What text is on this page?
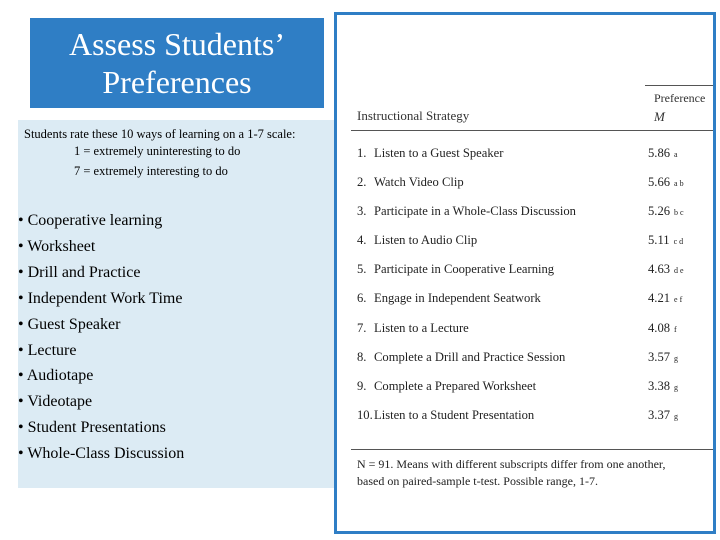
Assess Students’
Preferences
Students rate these 10 ways of learning on a 1-7 scale:
1 = extremely uninteresting to do
7 = extremely interesting to do
• Cooperative learning
• Worksheet
• Drill and Practice
• Independent Work Time
• Guest Speaker
• Lecture
• Audiotape
• Videotape
• Student Presentations
• Whole-Class Discussion
Preference
M
Instructional Strategy
1. Listen to a Guest Speaker	5.86 a
2. Watch Video Clip	5.66 a b
3. Participate in a Whole-Class Discussion	5.26 b c
4. Listen to Audio Clip	5.11 c d
5. Participate in Cooperative Learning	4.63 d e
6. Engage in Independent Seatwork	4.21 e f
7. Listen to a Lecture	4.08 f
8. Complete a Drill and Practice Session	3.57 g
9. Complete a Prepared Worksheet	3.38 g
10. Listen to a Student Presentation	3.37 g
N = 91. Means with different subscripts differ from one another,
based on paired-sample t-test. Possible range, 1-7.
